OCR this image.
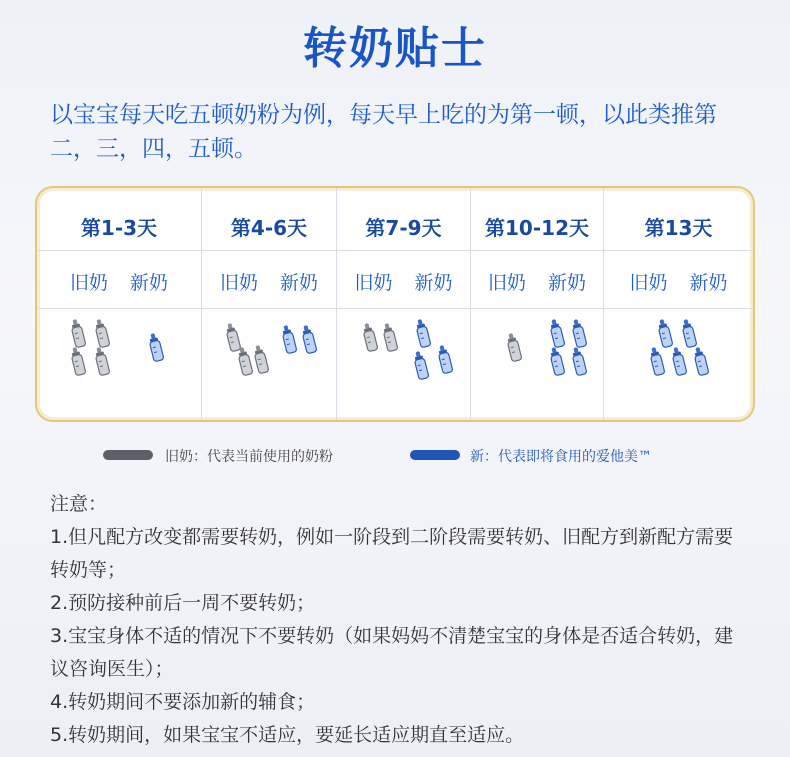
转奶贴士
以宝宝每天吃五顿奶粉为例，每天早上吃的为第一顿，以此类推第二，三，四，五顿。
第1-3天
旧奶 新奶
第4-6天
旧奶 新奶
第7-9天
旧奶 新奶
第10-12天
旧奶 新奶
第13天
旧奶 新奶
旧奶：代表当前使用的奶粉	新：代表即将食用的爱他美™
注意：
1.但凡配方改变都需要转奶，例如一阶段到二阶段需要转奶、旧配方到新配方需要转奶等；
2.预防接种前后一周不要转奶；
3.宝宝身体不适的情况下不要转奶（如果妈妈不清楚宝宝的身体是否适合转奶，建议咨询医生）；
4.转奶期间不要添加新的辅食；
5.转奶期间，如果宝宝不适应，要延长适应期直至适应。
